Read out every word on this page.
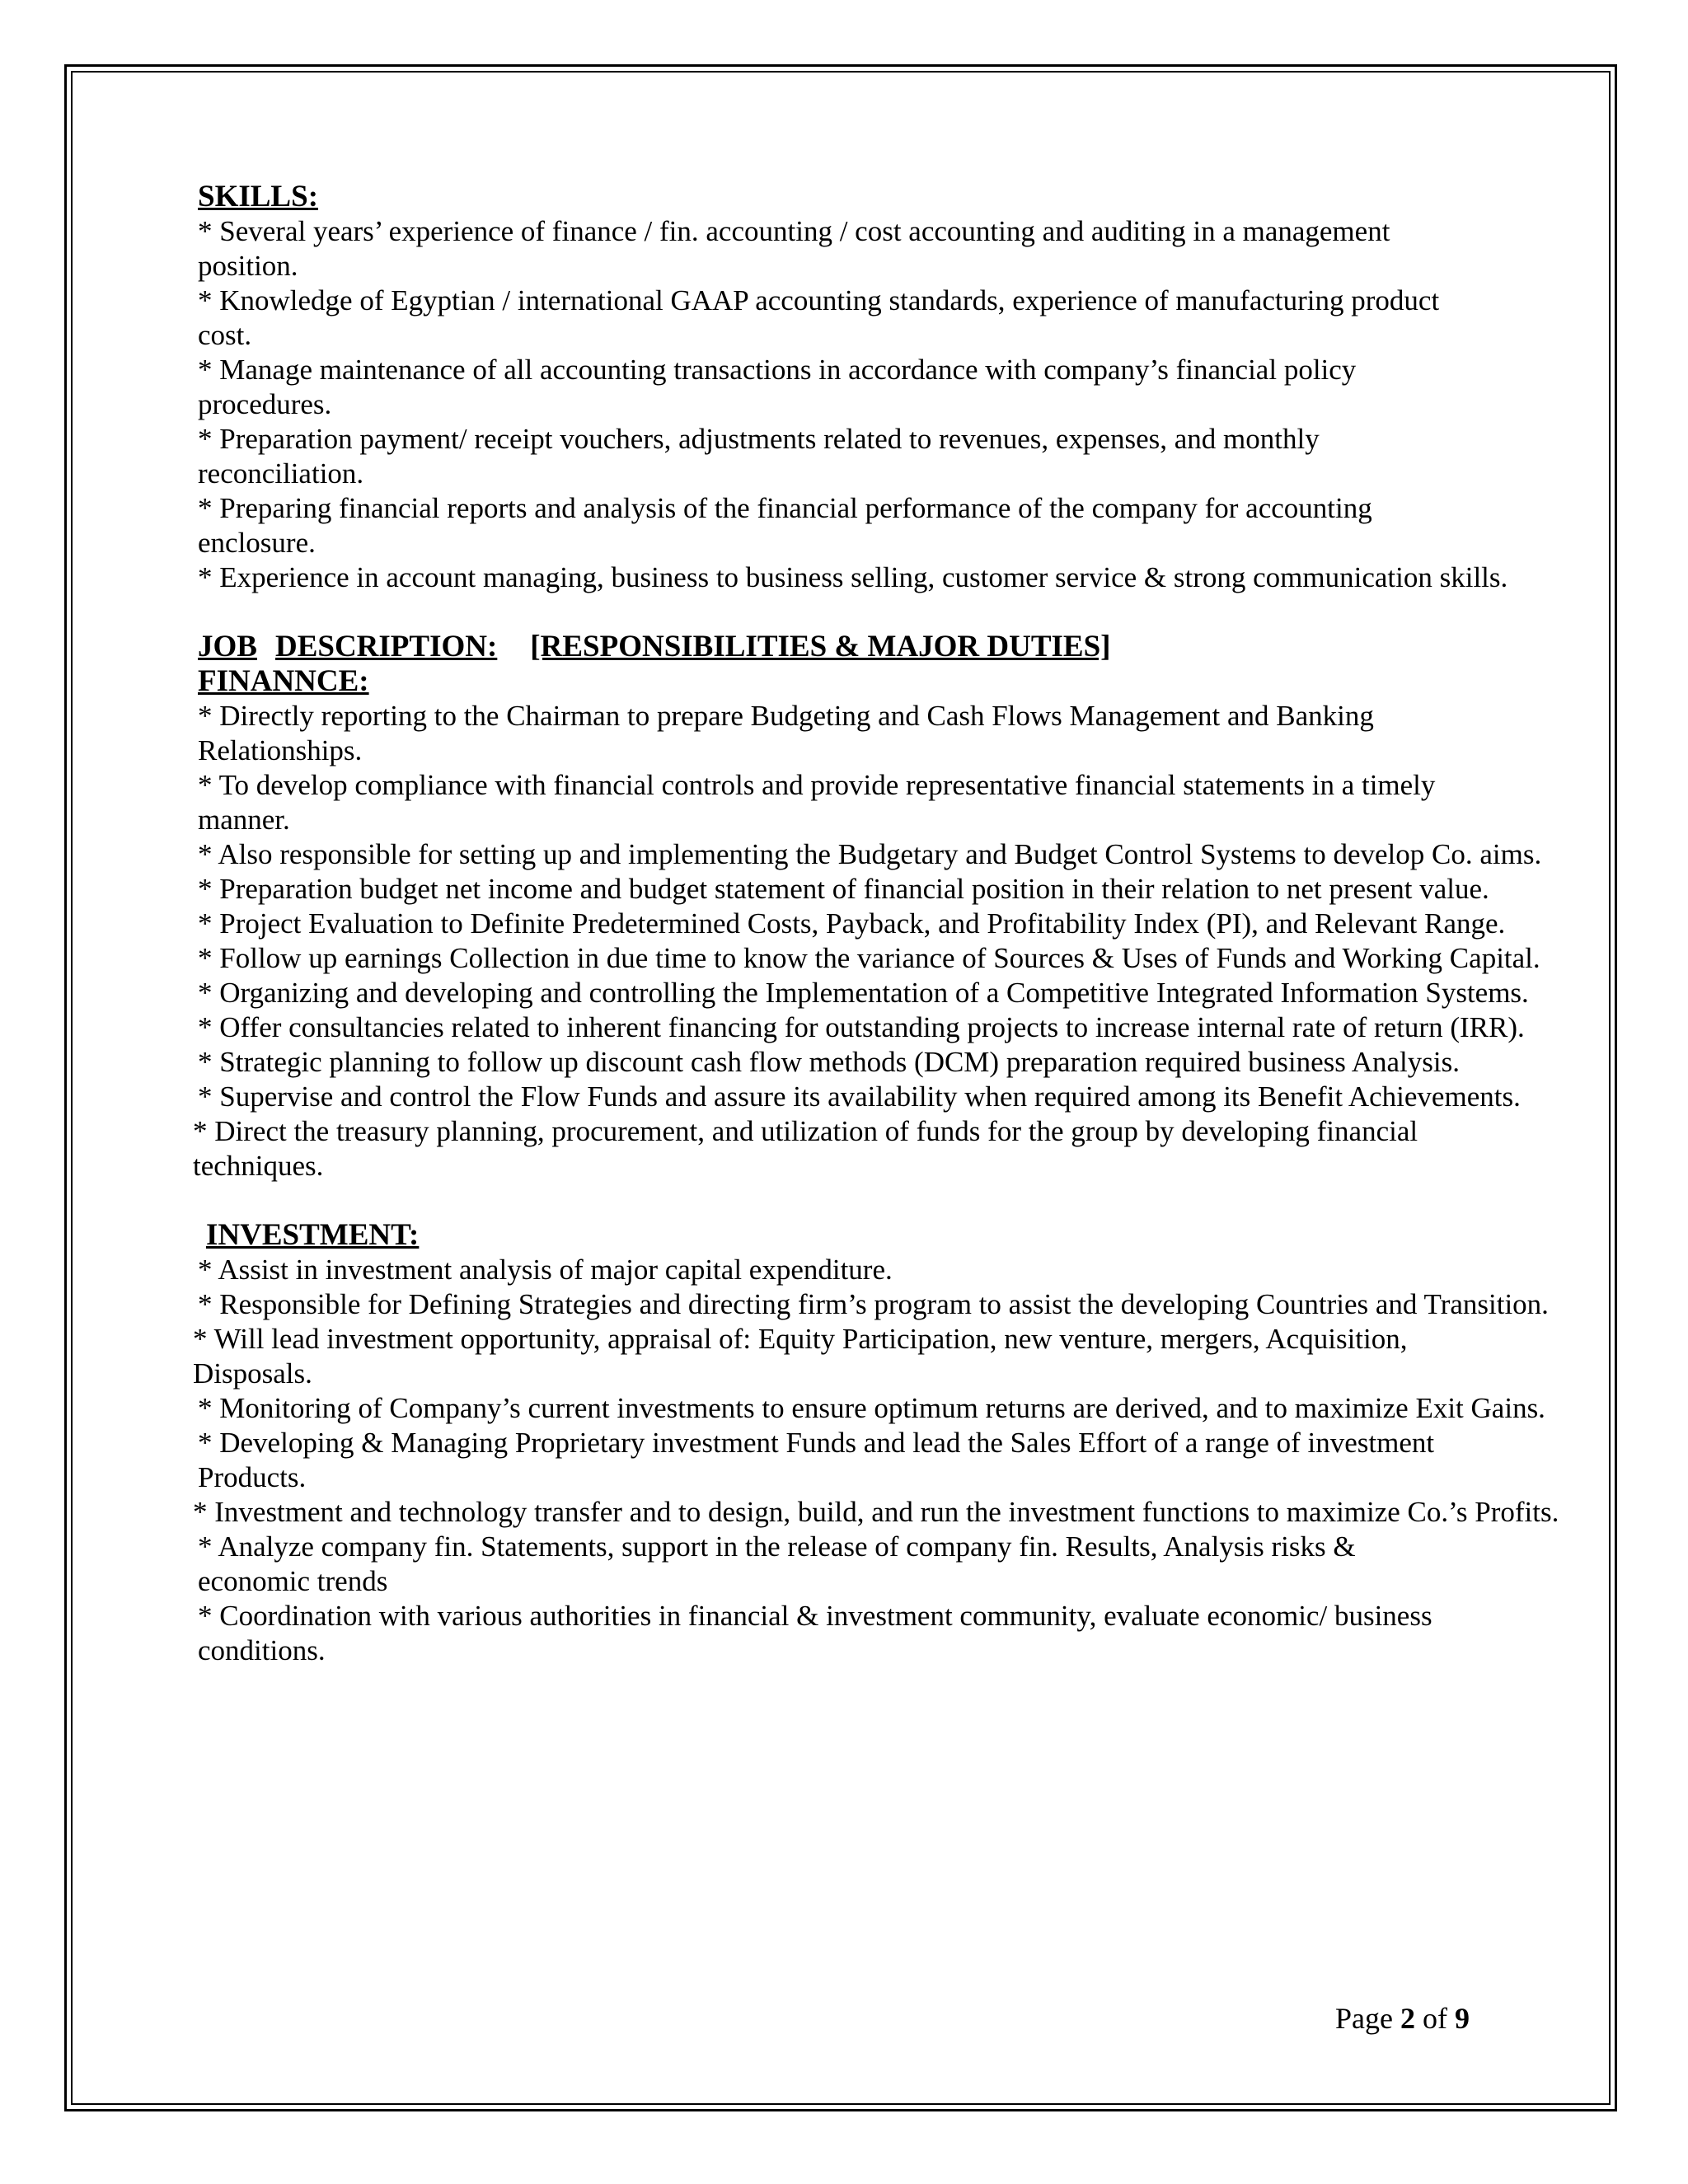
SKILLS:

* Several years’ experience of finance / fin. accounting / cost accounting and auditing in a management position.

* Knowledge of Egyptian / international GAAP accounting standards, experience of manufacturing product cost.

* Manage maintenance of all accounting transactions in accordance with company’s financial policy procedures.

* Preparation payment/ receipt vouchers, adjustments related to revenues, expenses, and monthly reconciliation.

* Preparing financial reports and analysis of the financial performance of the company for accounting enclosure.

* Experience in account managing, business to business selling, customer service & strong communication skills.

JOB DESCRIPTION: [RESPONSIBILITIES & MAJOR DUTIES]
FINANNCE:

* Directly reporting to the Chairman to prepare Budgeting and Cash Flows Management and Banking Relationships.

* To develop compliance with financial controls and provide representative financial statements in a timely manner.

* Also responsible for setting up and implementing the Budgetary and Budget Control Systems to develop Co. aims.

* Preparation budget net income and budget statement of financial position in their relation to net present value.

* Project Evaluation to Definite Predetermined Costs, Payback, and Profitability Index (PI), and Relevant Range.

* Follow up earnings Collection in due time to know the variance of Sources & Uses of Funds and Working Capital.

* Organizing and developing and controlling the Implementation of a Competitive Integrated Information Systems.

* Offer consultancies related to inherent financing for outstanding projects to increase internal rate of return (IRR).

* Strategic planning to follow up discount cash flow methods (DCM) preparation required business Analysis.

* Supervise and control the Flow Funds and assure its availability when required among its Benefit Achievements.

* Direct the treasury planning, procurement, and utilization of funds for the group by developing financial techniques.

INVESTMENT:

* Assist in investment analysis of major capital expenditure.

* Responsible for Defining Strategies and directing firm’s program to assist the developing Countries and Transition.

* Will lead investment opportunity, appraisal of: Equity Participation, new venture, mergers, Acquisition, Disposals.

* Monitoring of Company’s current investments to ensure optimum returns are derived, and to maximize Exit Gains.

* Developing & Managing Proprietary investment Funds and lead the Sales Effort of a range of investment Products.

* Investment and technology transfer and to design, build, and run the investment functions to maximize Co.’s Profits.

* Analyze company fin. Statements, support in the release of company fin. Results, Analysis risks & economic trends

* Coordination with various authorities in financial & investment community, evaluate economic/ business conditions.

Page 2 of 9
